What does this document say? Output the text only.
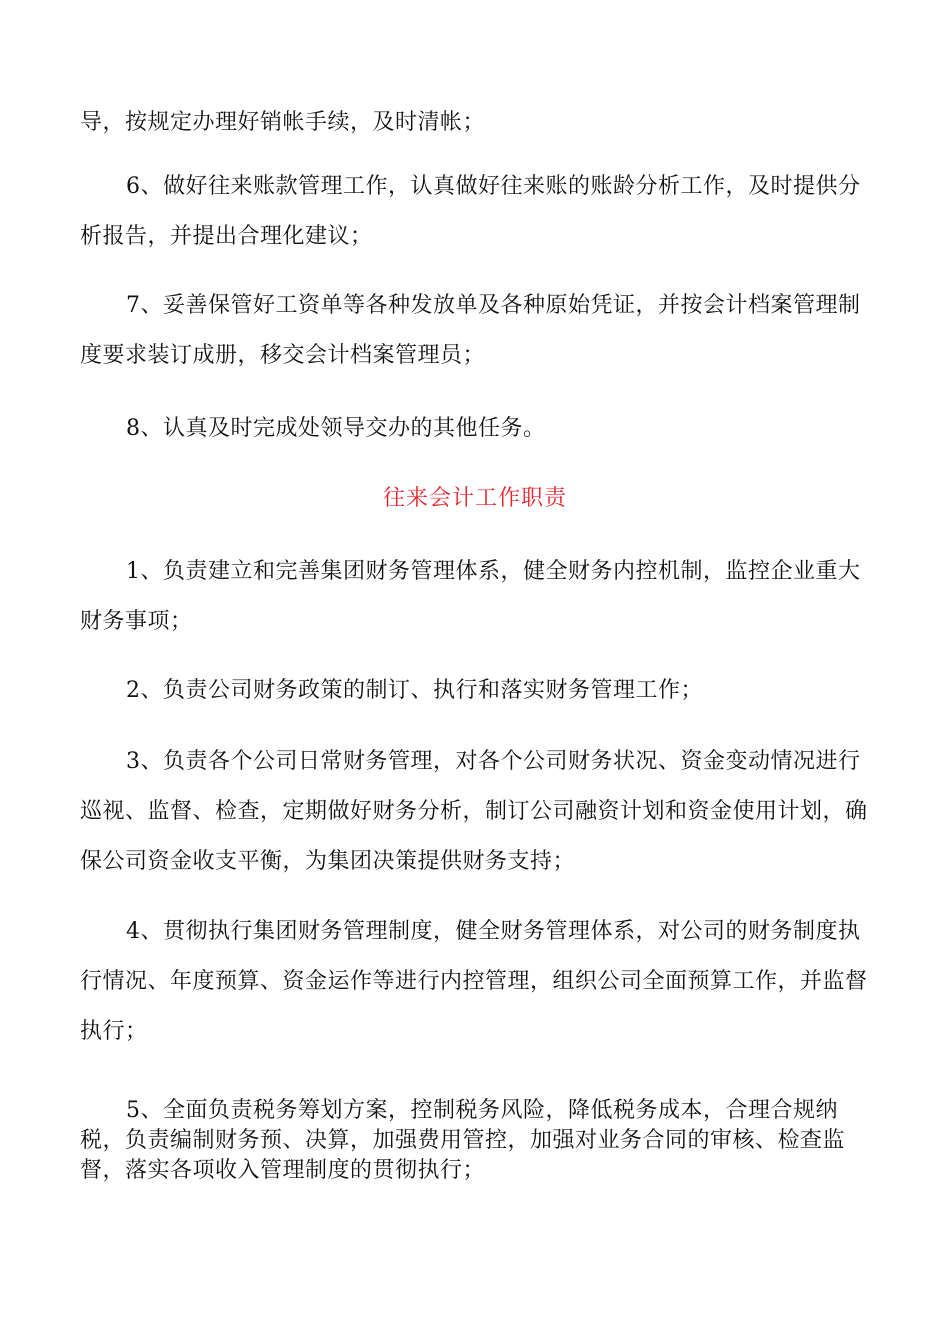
导，按规定办理好销帐手续，及时清帐；

6、做好往来账款管理工作，认真做好往来账的账龄分析工作，及时提供分析报告，并提出合理化建议；

7、妥善保管好工资单等各种发放单及各种原始凭证，并按会计档案管理制度要求装订成册，移交会计档案管理员；

8、认真及时完成处领导交办的其他任务。

往来会计工作职责

1、负责建立和完善集团财务管理体系，健全财务内控机制，监控企业重大财务事项；

2、负责公司财务政策的制订、执行和落实财务管理工作；

3、负责各个公司日常财务管理，对各个公司财务状况、资金变动情况进行巡视、监督、检查，定期做好财务分析，制订公司融资计划和资金使用计划，确保公司资金收支平衡，为集团决策提供财务支持；

4、贯彻执行集团财务管理制度，健全财务管理体系，对公司的财务制度执行情况、年度预算、资金运作等进行内控管理，组织公司全面预算工作，并监督执行；

5、全面负责税务筹划方案，控制税务风险，降低税务成本，合理合规纳税，负责编制财务预、决算，加强费用管控，加强对业务合同的审核、检查监督，落实各项收入管理制度的贯彻执行；
